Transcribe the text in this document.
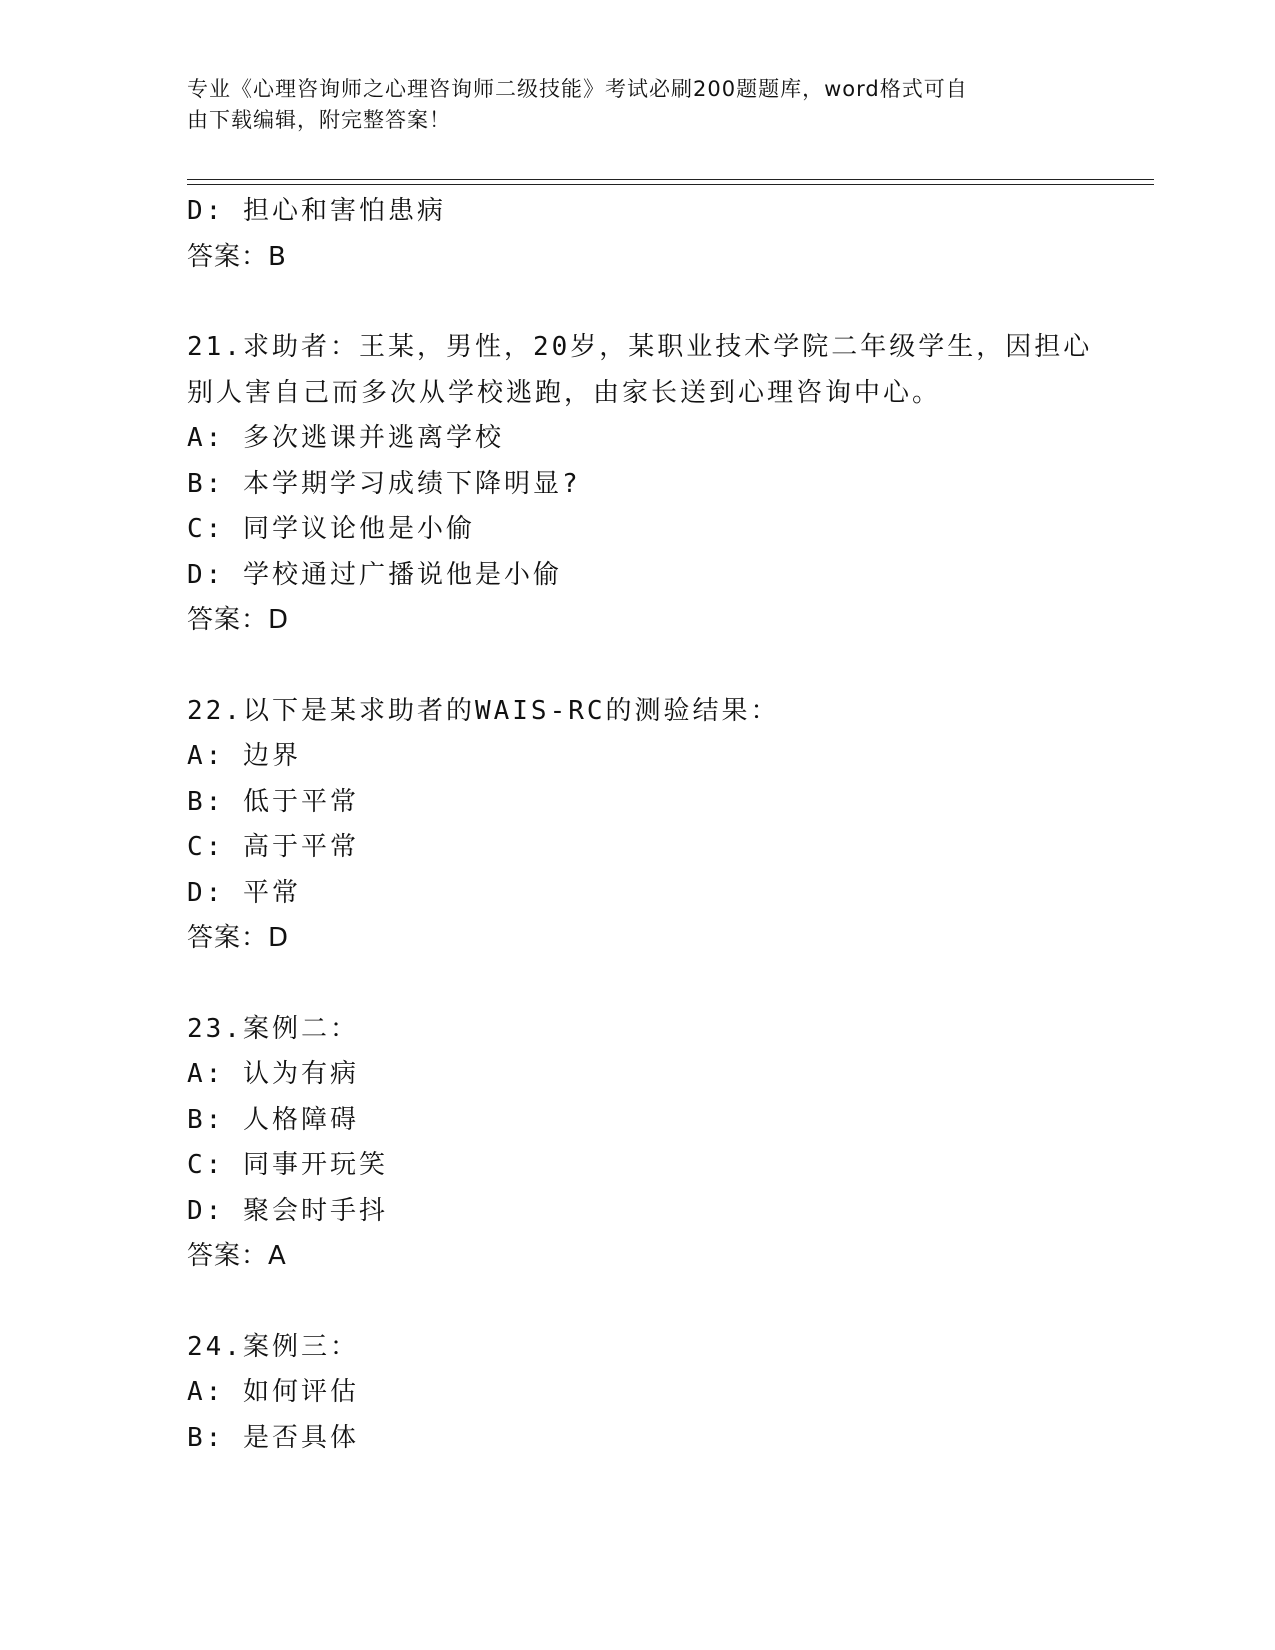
专业《心理咨询师之心理咨询师二级技能》考试必刷200题题库，word格式可自
由下载编辑，附完整答案！
D: 担心和害怕患病
答案：B
21.求助者：王某，男性，20岁，某职业技术学院二年级学生，因担心
别人害自己而多次从学校逃跑，由家长送到心理咨询中心。
A: 多次逃课并逃离学校
B: 本学期学习成绩下降明显?
C: 同学议论他是小偷
D: 学校通过广播说他是小偷
答案：D
22.以下是某求助者的WAIS-RC的测验结果：
A: 边界
B: 低于平常
C: 高于平常
D: 平常
答案：D
23.案例二：
A: 认为有病
B: 人格障碍
C: 同事开玩笑
D: 聚会时手抖
答案：A
24.案例三：
A: 如何评估
B: 是否具体
